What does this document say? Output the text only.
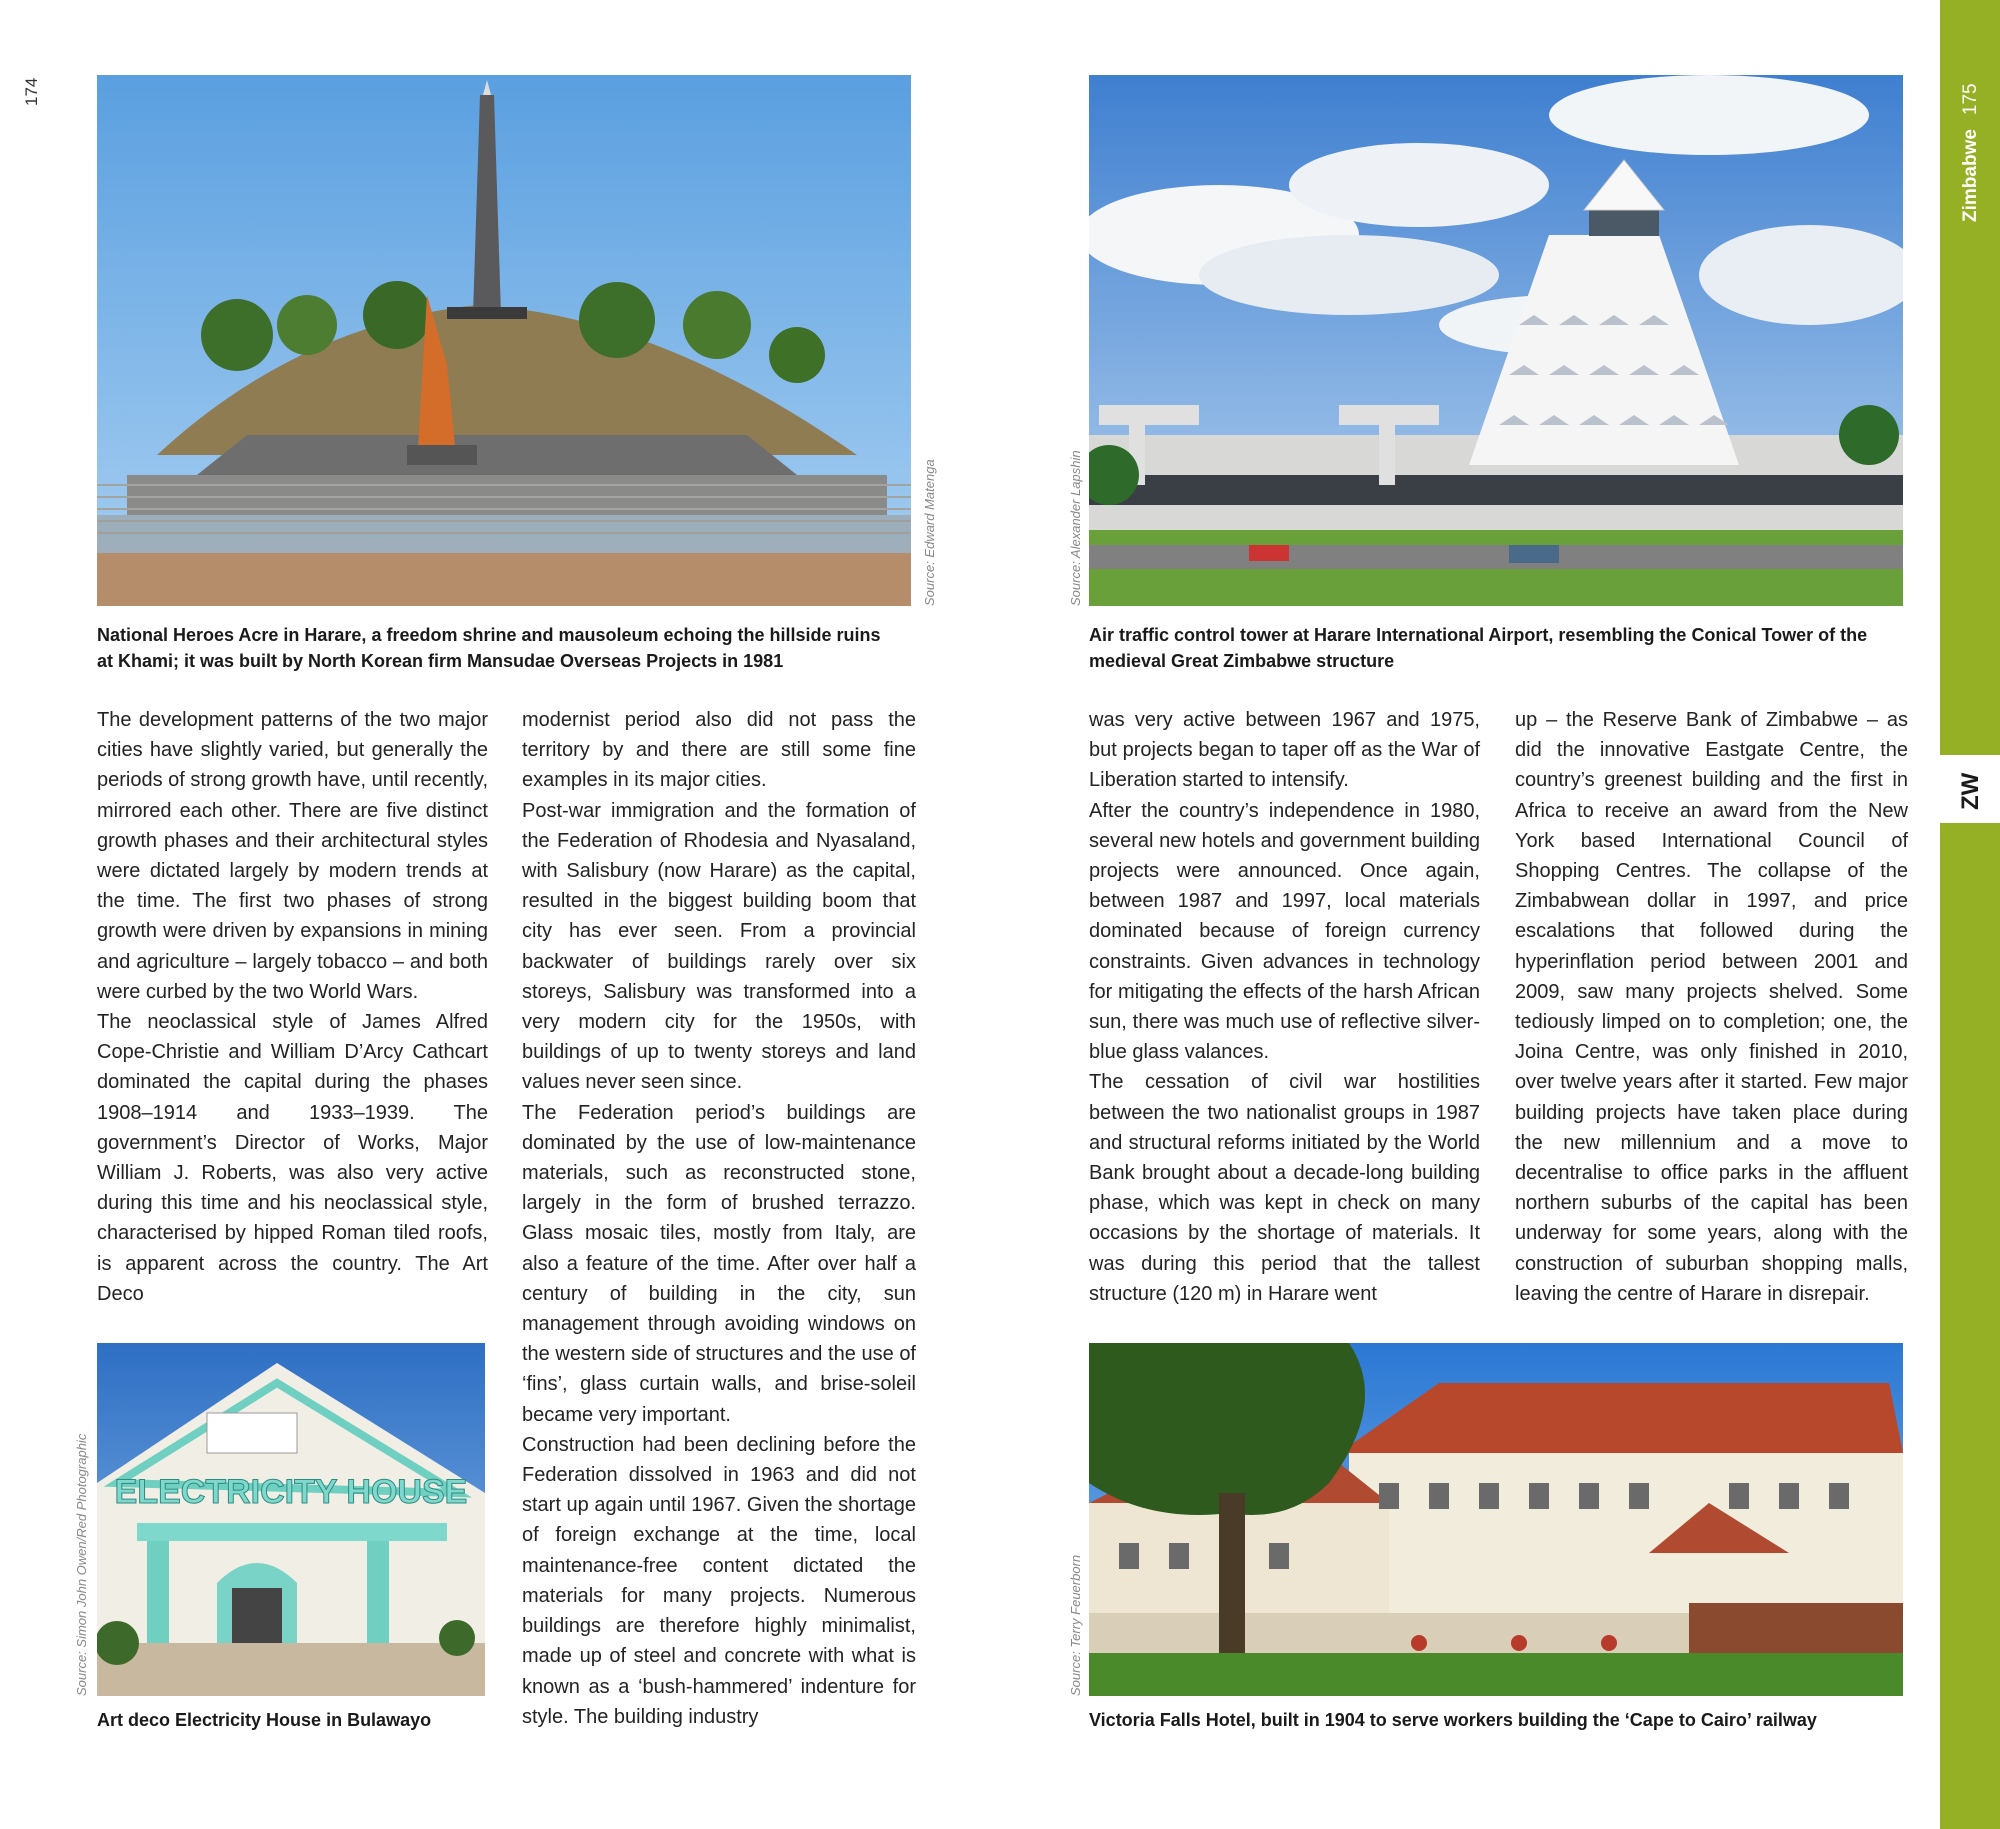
174
Zimbabwe175
ZW
Source: Edward Matenga
National Heroes Acre in Harare, a freedom shrine and mausoleum echoing the hillside ruins
at Khami; it was built by North Korean firm Mansudae Overseas Projects in 1981
Source: Alexander Lapshin
Air traffic control tower at Harare International Airport, resembling the Conical Tower of the
medieval Great Zimbabwe structure
ELECTRICITY HOUSE
Source: Simon John Owen/Red Photographic
Art deco Electricity House in Bulawayo
Source: Terry Feuerborn
Victoria Falls Hotel, built in 1904 to serve workers building the ‘Cape to Cairo’ railway

The development patterns of the two major cities have slightly varied, but generally the periods of strong growth have, until recently, mirrored each other. There are five distinct growth phases and their architectural styles were dictated largely by modern trends at the time. The first two phases of strong growth were driven by expansions in mining and agriculture – largely tobacco – and both were curbed by the two World Wars.

The neoclassical style of James Alfred Cope-Christie and William D’Arcy Cathcart dominated the capital during the phases 1908–1914 and 1933–1939. The government’s Director of Works, Major William J. Roberts, was also very active during this time and his neoclassical style, characterised by hipped Roman tiled roofs, is apparent across the country. The Art Deco

modernist period also did not pass the territory by and there are still some fine examples in its major cities.

Post-war immigration and the formation of the Federation of Rhodesia and Nyasaland, with Salisbury (now Harare) as the capital, resulted in the biggest building boom that city has ever seen. From a provincial backwater of buildings rarely over six storeys, Salisbury was transformed into a very modern city for the 1950s, with buildings of up to twenty storeys and land values never seen since.

The Federation period’s buildings are dominated by the use of low-maintenance materials, such as reconstructed stone, largely in the form of brushed terrazzo. Glass mosaic tiles, mostly from Italy, are also a feature of the time. After over half a century of building in the city, sun management through avoiding windows on the western side of structures and the use of ‘fins’, glass curtain walls, and brise-soleil became very important.

Construction had been declining before the Federation dissolved in 1963 and did not start up again until 1967. Given the shortage of foreign exchange at the time, local maintenance-free content dictated the materials for many projects. Numerous buildings are therefore highly minimalist, made up of steel and concrete with what is known as a ‘bush-hammered’ indenture for style. The building industry

was very active between 1967 and 1975, but projects began to taper off as the War of Liberation started to intensify.

After the country’s independence in 1980, several new hotels and government building projects were announced. Once again, between 1987 and 1997, local materials dominated because of foreign currency constraints. Given advances in technology for mitigating the effects of the harsh African sun, there was much use of reflective silver-blue glass valances.

The cessation of civil war hostilities between the two nationalist groups in 1987 and structural reforms initiated by the World Bank brought about a decade-long building phase, which was kept in check on many occasions by the shortage of materials. It was during this period that the tallest structure (120 m) in Harare went

up – the Reserve Bank of Zimbabwe – as did the innovative Eastgate Centre, the country’s greenest building and the first in Africa to receive an award from the New York based International Council of Shopping Centres. The collapse of the Zimbabwean dollar in 1997, and price escalations that followed during the hyperinflation period between 2001 and 2009, saw many projects shelved. Some tediously limped on to completion; one, the Joina Centre, was only finished in 2010, over twelve years after it started. Few major building projects have taken place during the new millennium and a move to decentralise to office parks in the affluent northern suburbs of the capital has been underway for some years, along with the construction of suburban shopping malls, leaving the centre of Harare in disrepair.
